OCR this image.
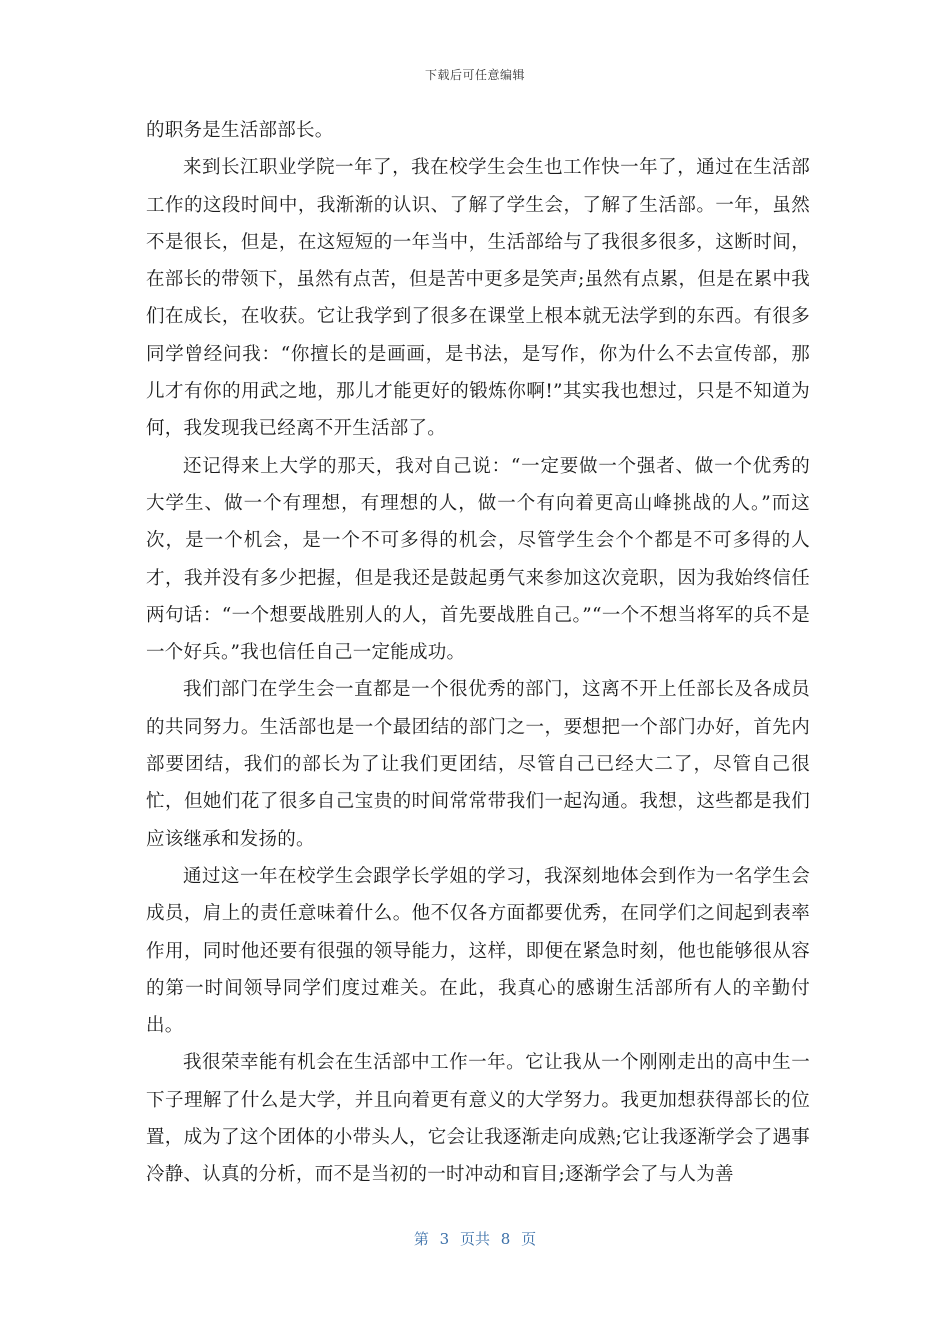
下载后可任意编辑

的职务是生活部部长。

来到长江职业学院一年了，我在校学生会生也工作快一年了，通过在生活部工作的这段时间中，我渐渐的认识、了解了学生会，了解了生活部。一年，虽然不是很长，但是，在这短短的一年当中，生活部给与了我很多很多，这断时间，在部长的带领下，虽然有点苦，但是苦中更多是笑声;虽然有点累，但是在累中我们在成长，在收获。它让我学到了很多在课堂上根本就无法学到的东西。有很多同学曾经问我：“你擅长的是画画，是书法，是写作，你为什么不去宣传部，那儿才有你的用武之地，那儿才能更好的锻炼你啊!”其实我也想过，只是不知道为何，我发现我已经离不开生活部了。

还记得来上大学的那天，我对自己说：“一定要做一个强者、做一个优秀的大学生、做一个有理想，有理想的人，做一个有向着更高山峰挑战的人。”而这次，是一个机会，是一个不可多得的机会，尽管学生会个个都是不可多得的人才，我并没有多少把握，但是我还是鼓起勇气来参加这次竞职，因为我始终信任两句话：“一个想要战胜别人的人，首先要战胜自己。”“一个不想当将军的兵不是一个好兵。”我也信任自己一定能成功。

我们部门在学生会一直都是一个很优秀的部门，这离不开上任部长及各成员的共同努力。生活部也是一个最团结的部门之一，要想把一个部门办好，首先内部要团结，我们的部长为了让我们更团结，尽管自己已经大二了，尽管自己很忙，但她们花了很多自己宝贵的时间常常带我们一起沟通。我想，这些都是我们应该继承和发扬的。

通过这一年在校学生会跟学长学姐的学习，我深刻地体会到作为一名学生会成员，肩上的责任意味着什么。他不仅各方面都要优秀，在同学们之间起到表率作用，同时他还要有很强的领导能力，这样，即便在紧急时刻，他也能够很从容的第一时间领导同学们度过难关。在此，我真心的感谢生活部所有人的辛勤付出。

我很荣幸能有机会在生活部中工作一年。它让我从一个刚刚走出的高中生一下子理解了什么是大学，并且向着更有意义的大学努力。我更加想获得部长的位置，成为了这个团体的小带头人，它会让我逐渐走向成熟;它让我逐渐学会了遇事冷静、认真的分析，而不是当初的一时冲动和盲目;逐渐学会了与人为善

第 3 页共 8 页
